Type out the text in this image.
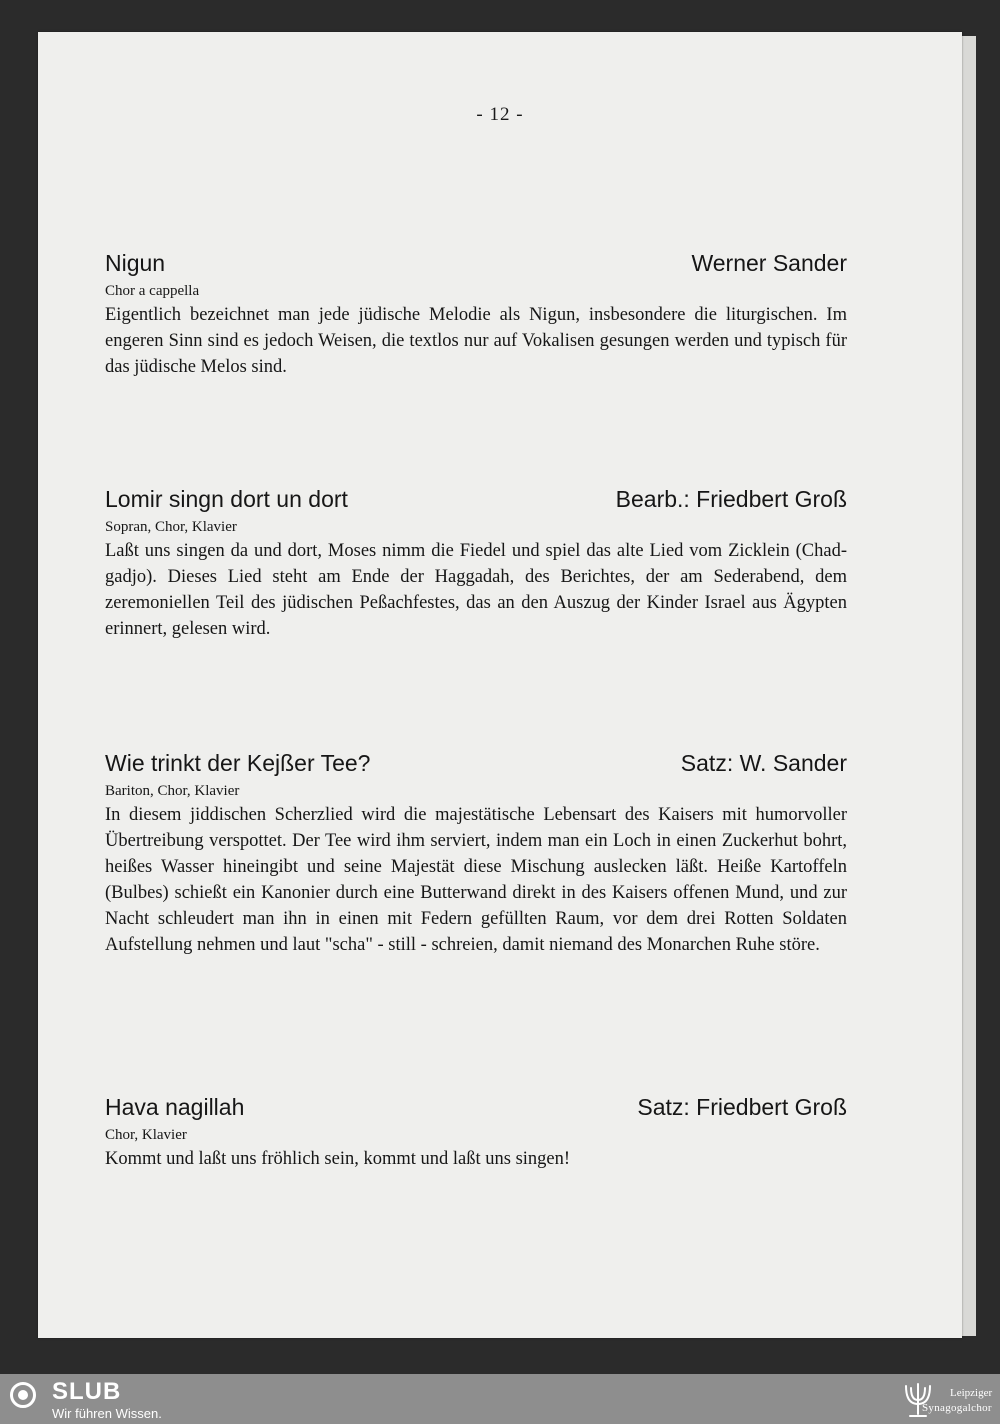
- 12 -
Nigun	Werner Sander
Chor a cappella
Eigentlich bezeichnet man jede jüdische Melodie als Nigun, insbesondere die liturgischen. Im engeren Sinn sind es jedoch Weisen, die textlos nur auf Vokalisen gesungen werden und typisch für das jüdische Melos sind.
Lomir singn dort un dort	Bearb.: Friedbert Groß
Sopran, Chor, Klavier
Laßt uns singen da und dort, Moses nimm die Fiedel und spiel das alte Lied vom Zicklein (Chad-gadjo). Dieses Lied steht am Ende der Haggadah, des Berichtes, der am Sederabend, dem zeremoniellen Teil des jüdischen Peßachfestes, das an den Auszug der Kinder Israel aus Ägypten erinnert, gelesen wird.
Wie trinkt der Kejßer Tee?	Satz: W. Sander
Bariton, Chor, Klavier
In diesem jiddischen Scherzlied wird die majestätische Lebensart des Kaisers mit humorvoller Übertreibung verspottet. Der Tee wird ihm serviert, indem man ein Loch in einen Zuckerhut bohrt, heißes Wasser hineingibt und seine Majestät diese Mischung auslecken läßt. Heiße Kartoffeln (Bulbes) schießt ein Kanonier durch eine Butterwand direkt in des Kaisers offenen Mund, und zur Nacht schleudert man ihn in einen mit Federn gefüllten Raum, vor dem drei Rotten Soldaten Aufstellung nehmen und laut "scha" - still - schreien, damit niemand des Monarchen Ruhe störe.
Hava nagillah	Satz: Friedbert Groß
Chor, Klavier
Kommt und laßt uns fröhlich sein, kommt und laßt uns singen!
SLUB
Wir führen Wissen.
Leipziger
Synagogalchor
